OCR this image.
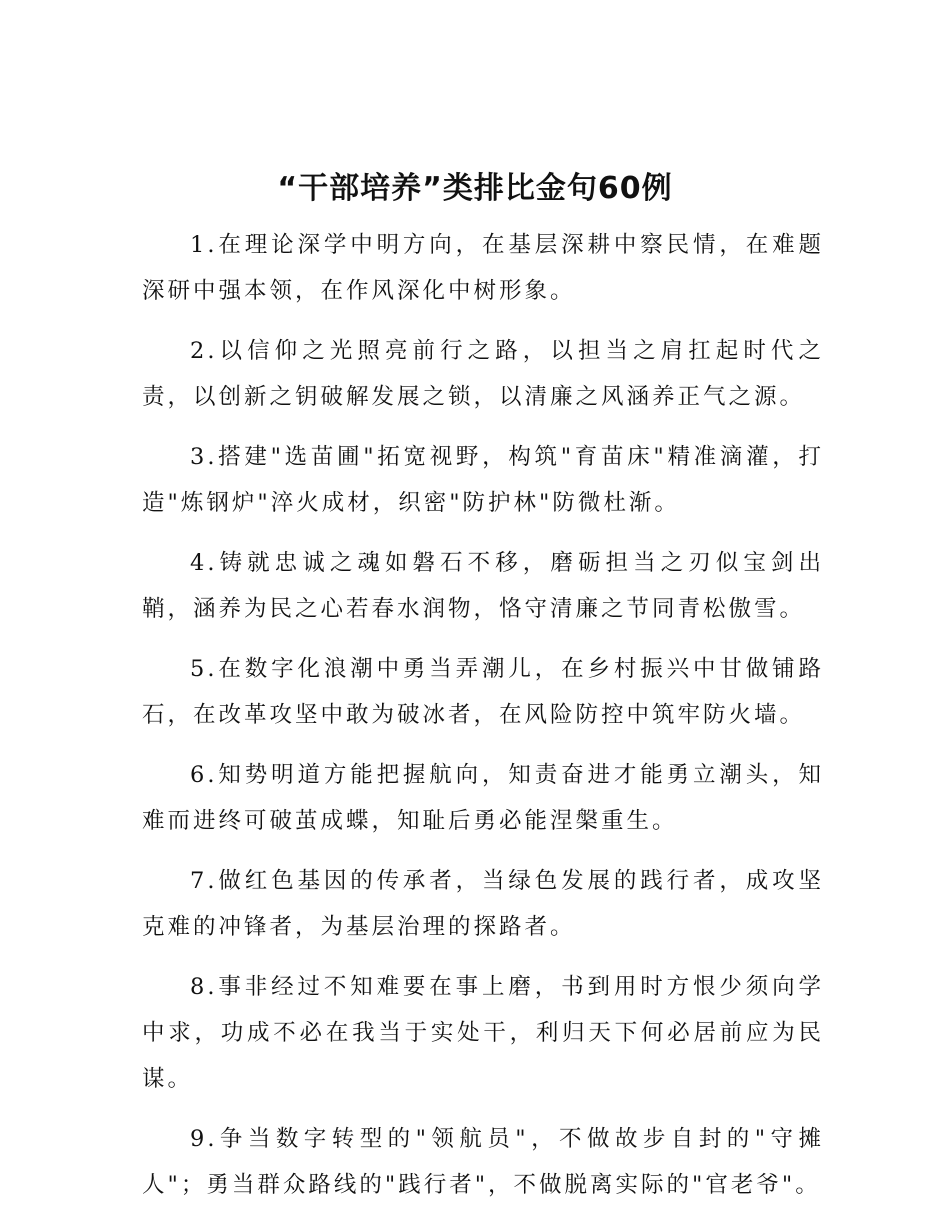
“干部培养”类排比金句60例

1.在理论深学中明方向，在基层深耕中察民情，在难题深研中强本领，在作风深化中树形象。

2.以信仰之光照亮前行之路，以担当之肩扛起时代之责，以创新之钥破解发展之锁，以清廉之风涵养正气之源。

3.搭建"选苗圃"拓宽视野，构筑"育苗床"精准滴灌，打造"炼钢炉"淬火成材，织密"防护林"防微杜渐。

4.铸就忠诚之魂如磐石不移，磨砺担当之刃似宝剑出鞘，涵养为民之心若春水润物，恪守清廉之节同青松傲雪。

5.在数字化浪潮中勇当弄潮儿，在乡村振兴中甘做铺路石，在改革攻坚中敢为破冰者，在风险防控中筑牢防火墙。

6.知势明道方能把握航向，知责奋进才能勇立潮头，知难而进终可破茧成蝶，知耻后勇必能涅槃重生。

7.做红色基因的传承者，当绿色发展的践行者，成攻坚克难的冲锋者，为基层治理的探路者。

8.事非经过不知难要在事上磨，书到用时方恨少须向学中求，功成不必在我当于实处干，利归天下何必居前应为民谋。

9.争当数字转型的"领航员"，不做故步自封的"守摊人"；勇当群众路线的"践行者"，不做脱离实际的"官老爷"。
